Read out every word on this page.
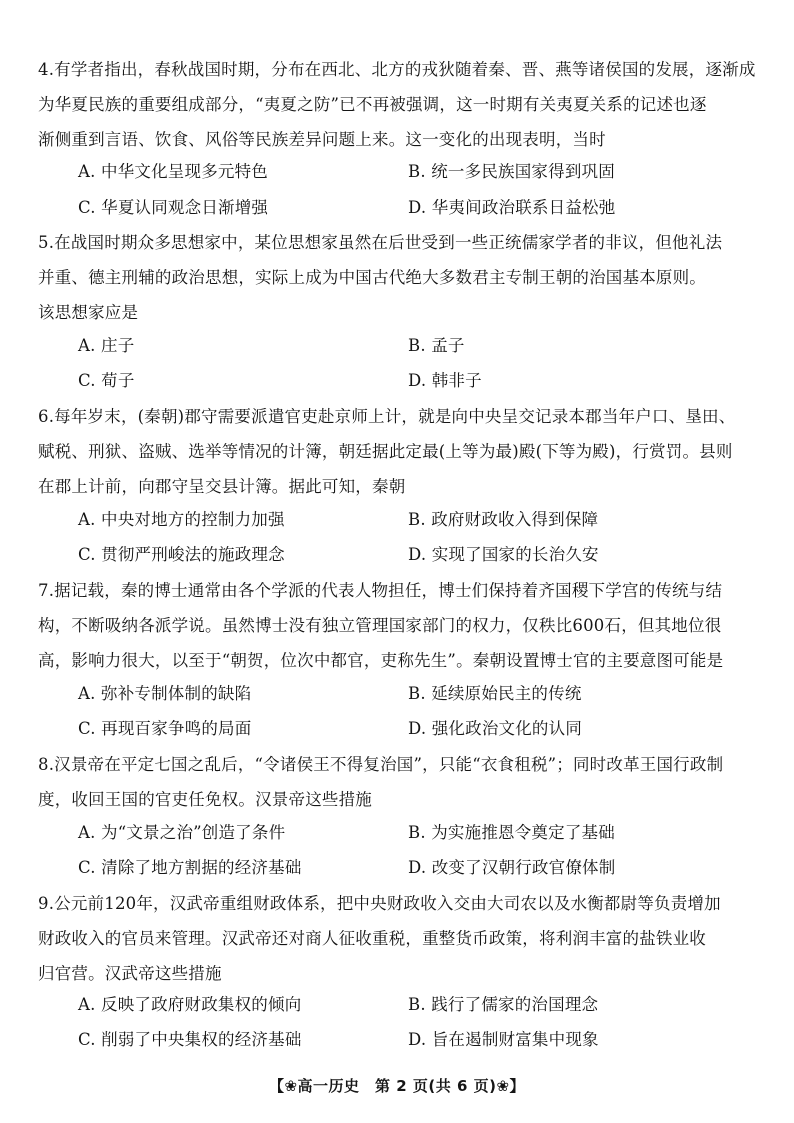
4.有学者指出，春秋战国时期，分布在西北、北方的戎狄随着秦、晋、燕等诸侯国的发展，逐渐成
为华夏民族的重要组成部分，“夷夏之防”已不再被强调，这一时期有关夷夏关系的记述也逐
渐侧重到言语、饮食、风俗等民族差异问题上来。这一变化的出现表明，当时
A. 中华文化呈现多元特色	B. 统一多民族国家得到巩固
C. 华夏认同观念日渐增强	D. 华夷间政治联系日益松弛
5.在战国时期众多思想家中，某位思想家虽然在后世受到一些正统儒家学者的非议，但他礼法
并重、德主刑辅的政治思想，实际上成为中国古代绝大多数君主专制王朝的治国基本原则。
该思想家应是
A. 庄子	B. 孟子
C. 荀子	D. 韩非子
6.每年岁末，(秦朝)郡守需要派遣官吏赴京师上计，就是向中央呈交记录本郡当年户口、垦田、
赋税、刑狱、盗贼、选举等情况的计簿，朝廷据此定最(上等为最)殿(下等为殿)，行赏罚。县则
在郡上计前，向郡守呈交县计簿。据此可知，秦朝
A. 中央对地方的控制力加强	B. 政府财政收入得到保障
C. 贯彻严刑峻法的施政理念	D. 实现了国家的长治久安
7.据记载，秦的博士通常由各个学派的代表人物担任，博士们保持着齐国稷下学宫的传统与结
构，不断吸纳各派学说。虽然博士没有独立管理国家部门的权力，仅秩比600石，但其地位很
高，影响力很大，以至于“朝贺，位次中都官，吏称先生”。秦朝设置博士官的主要意图可能是
A. 弥补专制体制的缺陷	B. 延续原始民主的传统
C. 再现百家争鸣的局面	D. 强化政治文化的认同
8.汉景帝在平定七国之乱后，“令诸侯王不得复治国”，只能“衣食租税”；同时改革王国行政制
度，收回王国的官吏任免权。汉景帝这些措施
A. 为“文景之治”创造了条件	B. 为实施推恩令奠定了基础
C. 清除了地方割据的经济基础	D. 改变了汉朝行政官僚体制
9.公元前120年，汉武帝重组财政体系，把中央财政收入交由大司农以及水衡都尉等负责增加
财政收入的官员来管理。汉武帝还对商人征收重税，重整货币政策，将利润丰富的盐铁业收
归官营。汉武帝这些措施
A. 反映了政府财政集权的倾向	B. 践行了儒家的治国理念
C. 削弱了中央集权的经济基础	D. 旨在遏制财富集中现象
【❀高一历史　第 2 页(共 6 页)❀】
